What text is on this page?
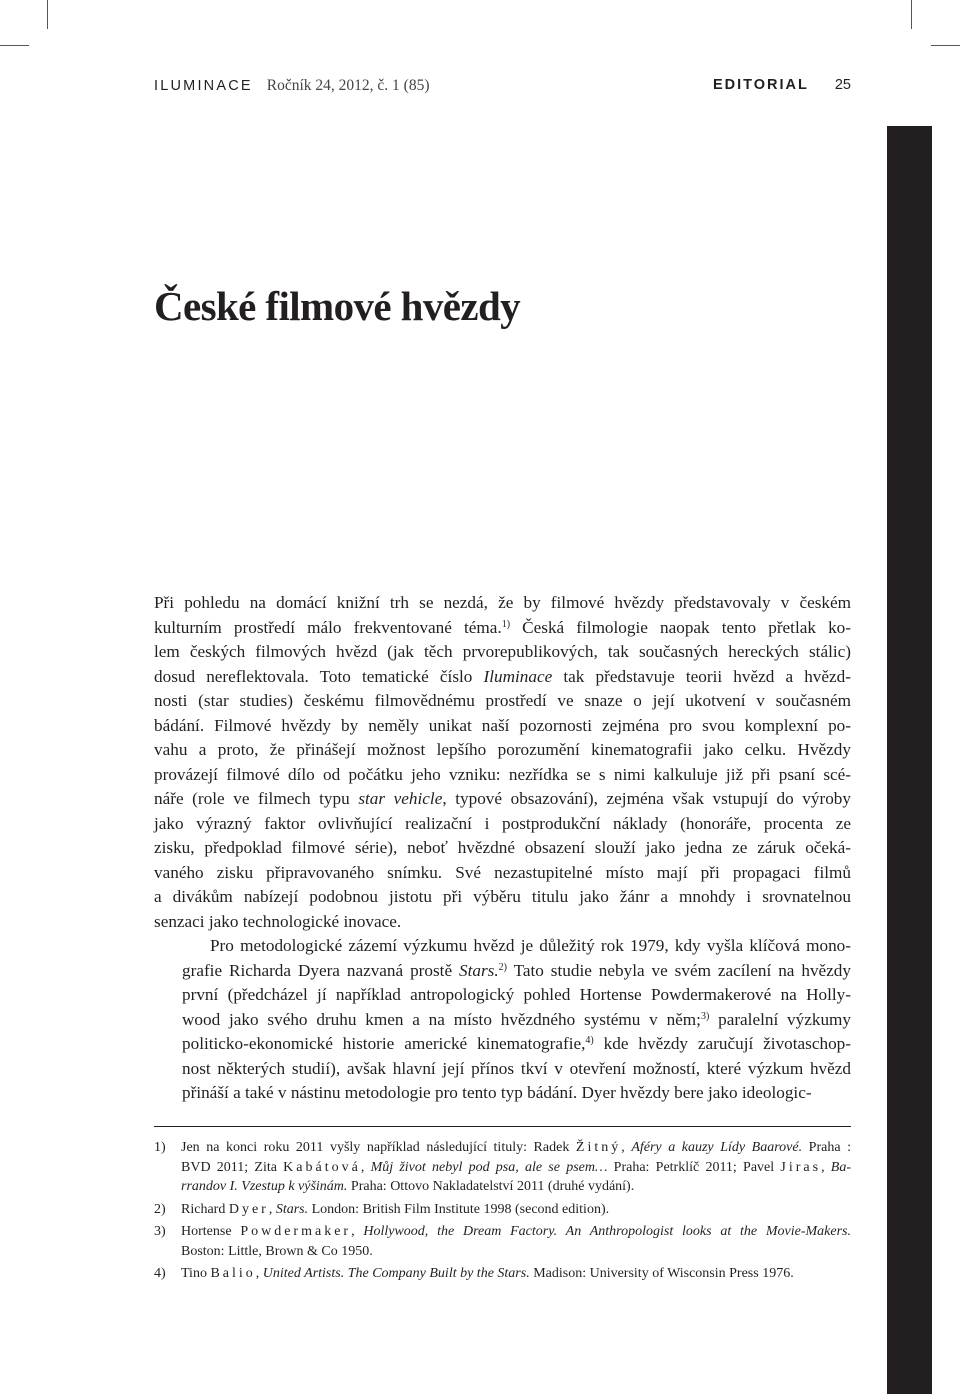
ILUMINACE Ročník 24, 2012, č. 1 (85)	EDITORIAL 25
České filmové hvězdy

Při pohledu na domácí knižní trh se nezdá, že by filmové hvězdy představovaly v českém
kulturním prostředí málo frekventované téma.$^{1)}$ Česká filmologie naopak tento přetlak ko-
lem českých filmových hvězd (jak těch prvorepublikových, tak současných hereckých stálic)
dosud nereflektovala. Toto tematické číslo Iluminace tak představuje teorii hvězd a hvězd-
nosti (star studies) českému filmovědnému prostředí ve snaze o její ukotvení v současném
bádání. Filmové hvězdy by neměly unikat naší pozornosti zejména pro svou komplexní po-
vahu a proto, že přinášejí možnost lepšího porozumění kinematografii jako celku. Hvězdy
provázejí filmové dílo od počátku jeho vzniku: nezřídka se s nimi kalkuluje již při psaní scé-
náře (role ve filmech typu star vehicle, typové obsazování), zejména však vstupují do výroby
jako výrazný faktor ovlivňující realizační i postprodukční náklady (honoráře, procenta ze
zisku, předpoklad filmové série), neboť hvězdné obsazení slouží jako jedna ze záruk očeká-
vaného zisku připravovaného snímku. Své nezastupitelné místo mají při propagaci filmů
a divákům nabízejí podobnou jistotu při výběru titulu jako žánr a mnohdy i srovnatelnou
senzaci jako technologické inovace.

Pro metodologické zázemí výzkumu hvězd je důležitý rok 1979, kdy vyšla klíčová mono-
grafie Richarda Dyera nazvaná prostě Stars.$^{2)}$ Tato studie nebyla ve svém zacílení na hvězdy
první (předcházel jí například antropologický pohled Hortense Powdermakerové na Holly-
wood jako svého druhu kmen a na místo hvězdného systému v něm;$^{3)}$ paralelní výzkumy
politicko-ekonomické historie americké kinematografie,$^{4)}$ kde hvězdy zaručují životaschop-
nost některých studií), avšak hlavní její přínos tkví v otevření možností, které výzkum hvězd
přináší a také v nástinu metodologie pro tento typ bádání. Dyer hvězdy bere jako ideologic-

1) Jen na konci roku 2011 vyšly například následující tituly: Radek Žitný, Aféry a kauzy Lídy Baarové. Praha :
BVD 2011; Zita Kabátová, Můj život nebyl pod psa, ale se psem… Praha: Petrklíč 2011; Pavel Jiras, Ba-
rrandov I. Vzestup k výšinám. Praha: Ottovo Nakladatelství 2011 (druhé vydání).
2) Richard Dyer, Stars. London: British Film Institute 1998 (second edition).
3) Hortense Powdermaker, Hollywood, the Dream Factory. An Anthropologist looks at the Movie-Makers.
Boston: Little, Brown & Co 1950.
4) Tino Balio, United Artists. The Company Built by the Stars. Madison: University of Wisconsin Press 1976.
